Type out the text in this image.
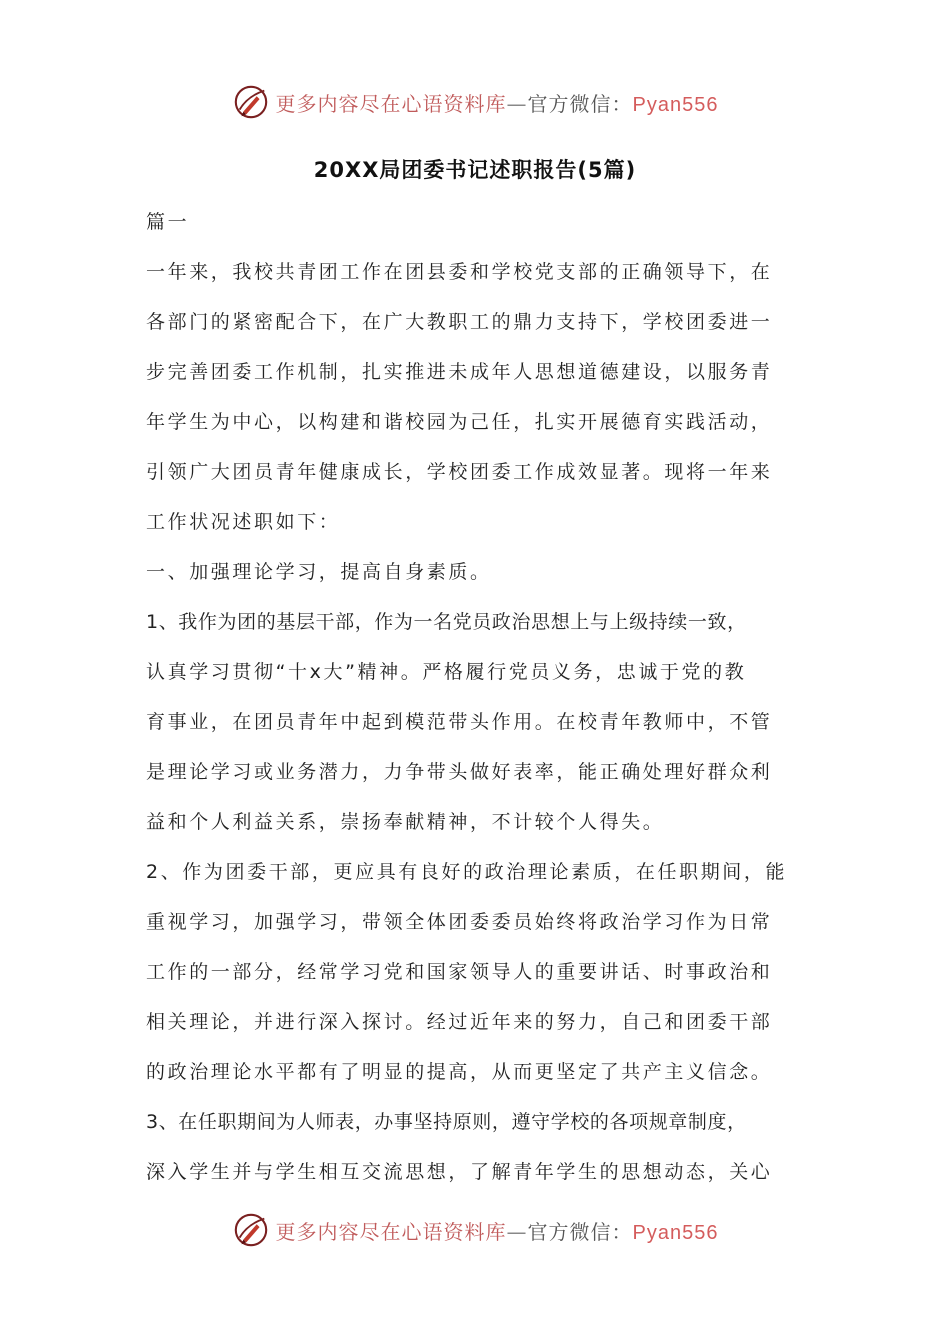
更多内容尽在心语资料库—官方微信：Pyan556
20XX局团委书记述职报告(5篇)
篇一
一年来，我校共青团工作在团县委和学校党支部的正确领导下，在
各部门的紧密配合下，在广大教职工的鼎力支持下，学校团委进一
步完善团委工作机制，扎实推进未成年人思想道德建设，以服务青
年学生为中心，以构建和谐校园为己任，扎实开展德育实践活动，
引领广大团员青年健康成长，学校团委工作成效显著。现将一年来
工作状况述职如下：
一、加强理论学习，提高自身素质。
1、我作为团的基层干部，作为一名党员政治思想上与上级持续一致，
认真学习贯彻“十x大”精神。严格履行党员义务，忠诚于党的教
育事业，在团员青年中起到模范带头作用。在校青年教师中，不管
是理论学习或业务潜力，力争带头做好表率，能正确处理好群众利
益和个人利益关系，崇扬奉献精神，不计较个人得失。
2、作为团委干部，更应具有良好的政治理论素质，在任职期间，能
重视学习，加强学习，带领全体团委委员始终将政治学习作为日常
工作的一部分，经常学习党和国家领导人的重要讲话、时事政治和
相关理论，并进行深入探讨。经过近年来的努力，自己和团委干部
的政治理论水平都有了明显的提高，从而更坚定了共产主义信念。
3、在任职期间为人师表，办事坚持原则，遵守学校的各项规章制度，
深入学生并与学生相互交流思想，了解青年学生的思想动态，关心
更多内容尽在心语资料库—官方微信：Pyan556
